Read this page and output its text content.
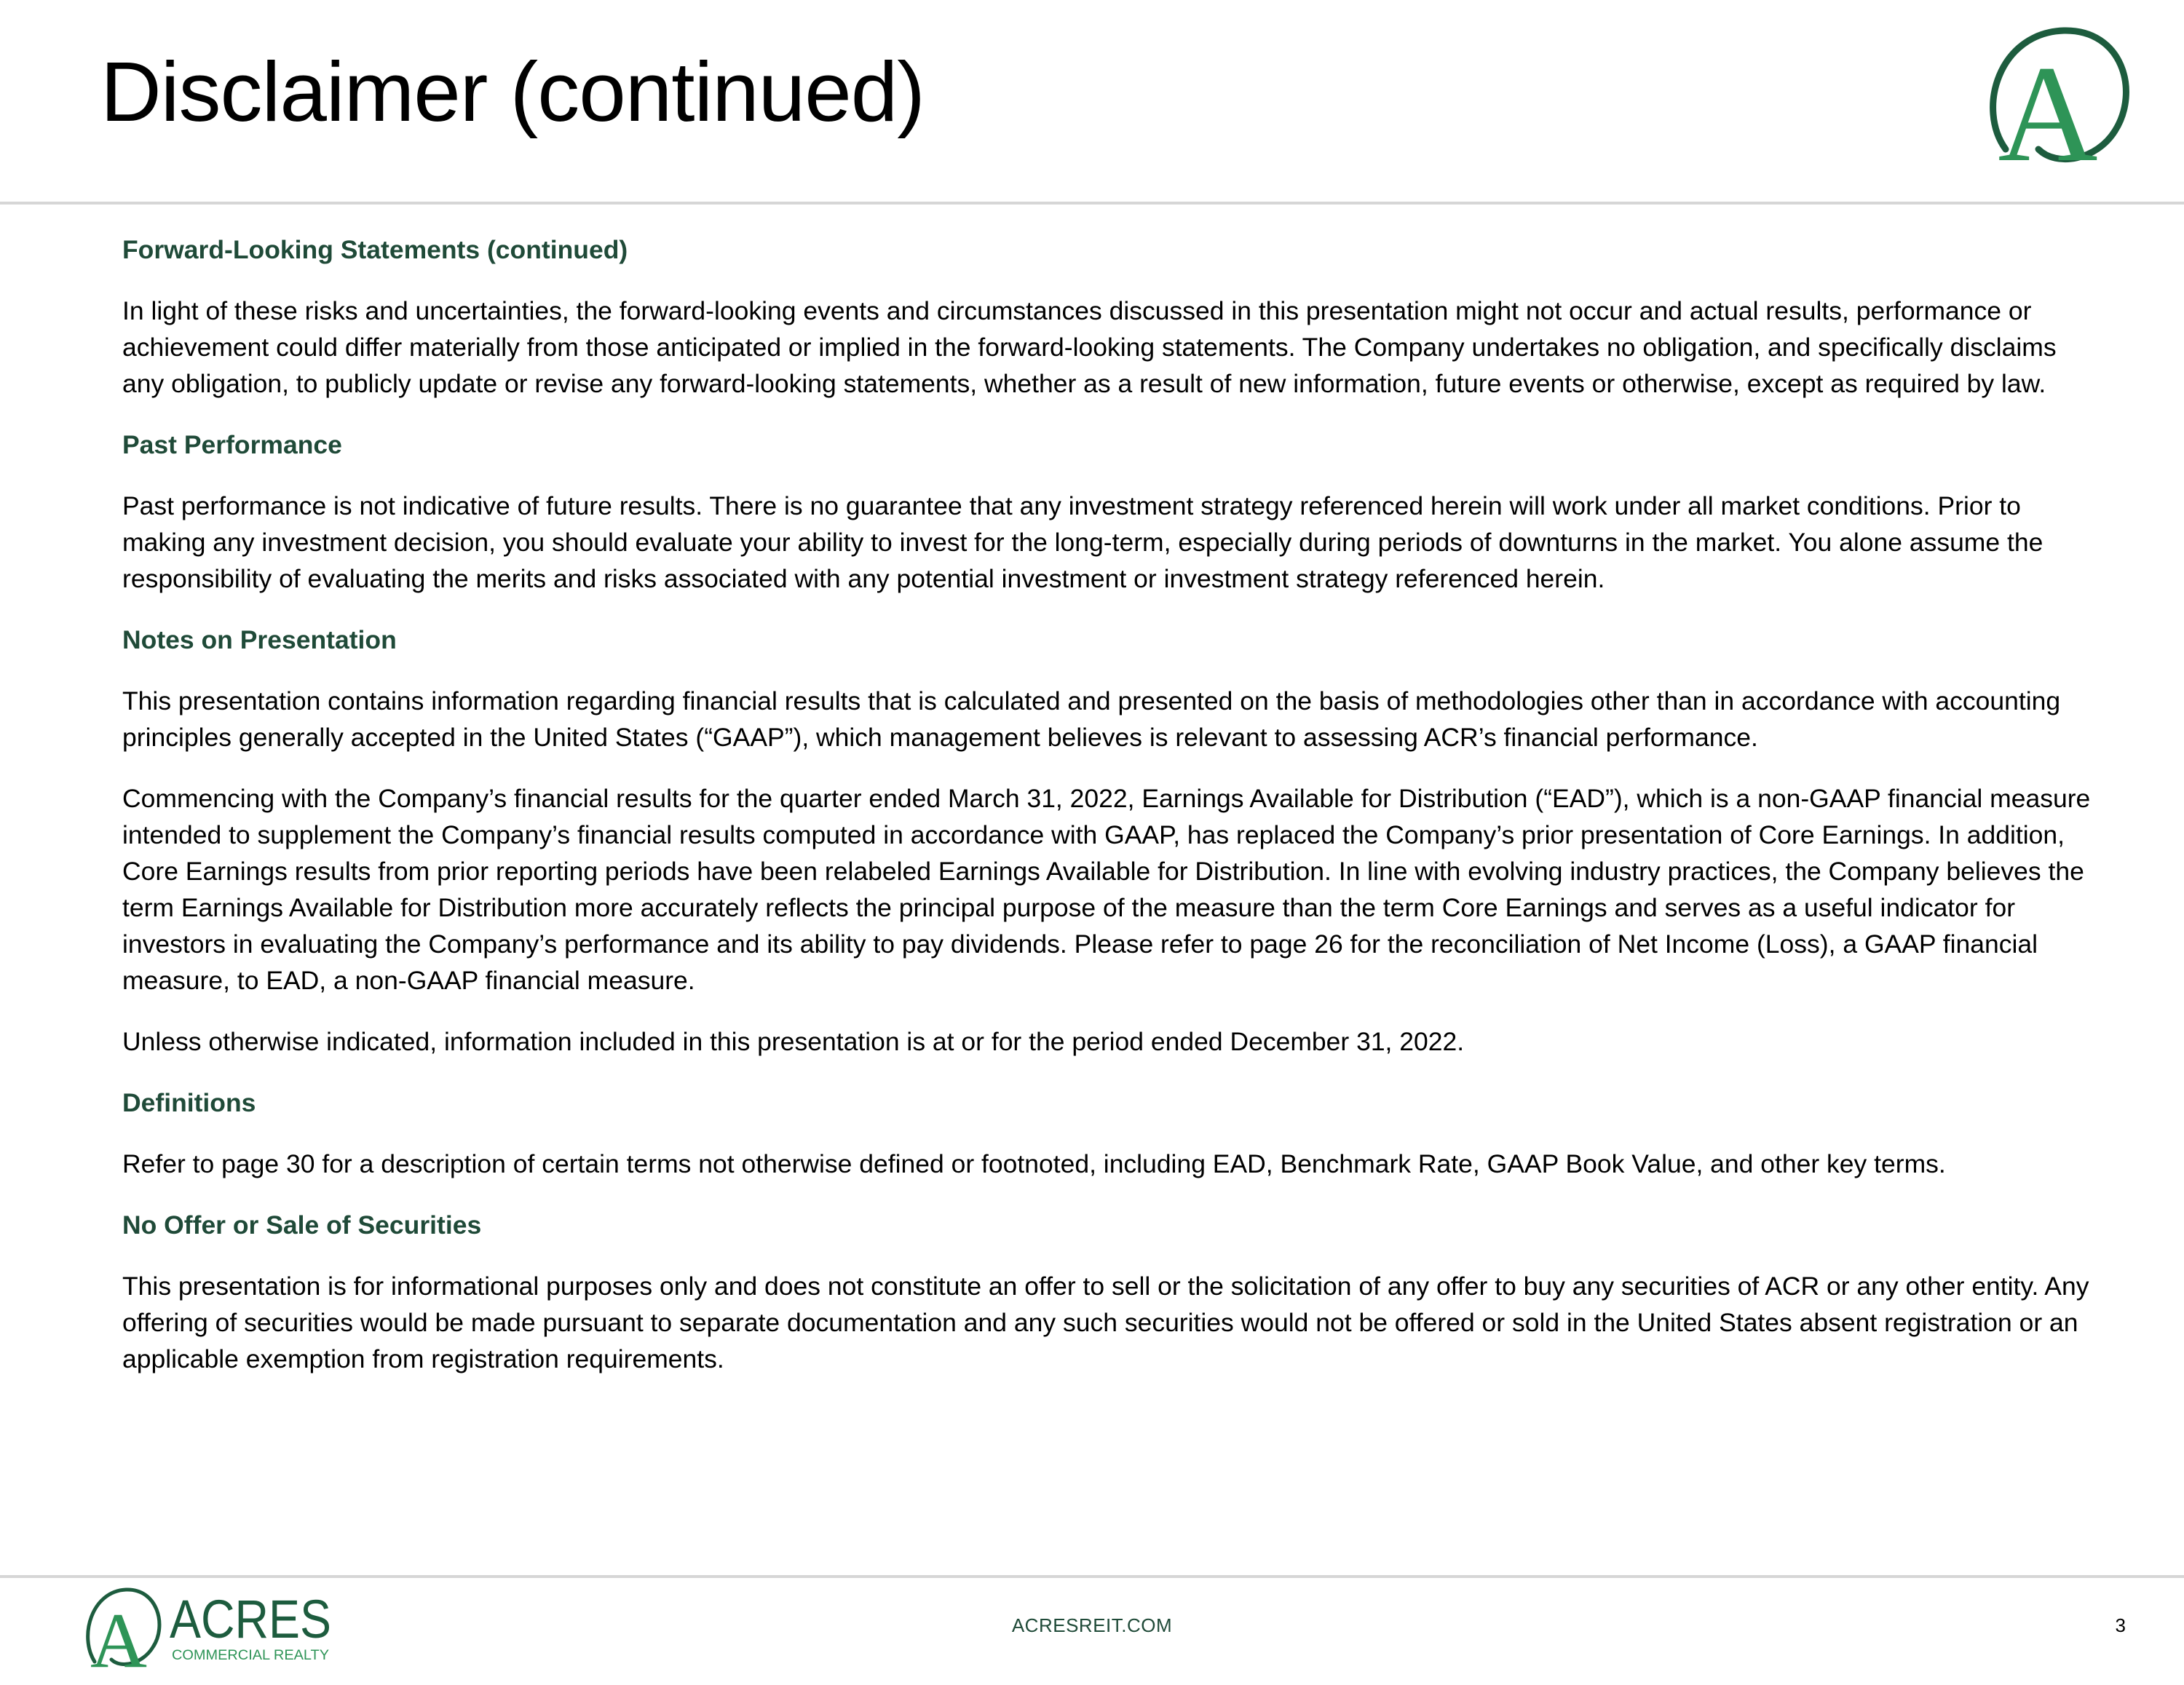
Disclaimer (continued)	A
Forward-Looking Statements (continued)

In light of these risks and uncertainties, the forward-looking events and circumstances discussed in this presentation might not occur and actual results, performance or achievement could differ materially from those anticipated or implied in the forward-looking statements. The Company undertakes no obligation, and specifically disclaims any obligation, to publicly update or revise any forward-looking statements, whether as a result of new information, future events or otherwise, except as required by law.

Past Performance

Past performance is not indicative of future results. There is no guarantee that any investment strategy referenced herein will work under all market conditions. Prior to making any investment decision, you should evaluate your ability to invest for the long-term, especially during periods of downturns in the market. You alone assume the responsibility of evaluating the merits and risks associated with any potential investment or investment strategy referenced herein.

Notes on Presentation

This presentation contains information regarding financial results that is calculated and presented on the basis of methodologies other than in accordance with accounting principles generally accepted in the United States (“GAAP”), which management believes is relevant to assessing ACR’s financial performance.

Commencing with the Company’s financial results for the quarter ended March 31, 2022, Earnings Available for Distribution (“EAD”), which is a non-GAAP financial measure intended to supplement the Company’s financial results computed in accordance with GAAP, has replaced the Company’s prior presentation of Core Earnings. In addition, Core Earnings results from prior reporting periods have been relabeled Earnings Available for Distribution. In line with evolving industry practices, the Company believes the term Earnings Available for Distribution more accurately reflects the principal purpose of the measure than the term Core Earnings and serves as a useful indicator for investors in evaluating the Company’s performance and its ability to pay dividends. Please refer to page 26 for the reconciliation of Net Income (Loss), a GAAP financial measure, to EAD, a non-GAAP financial measure.

Unless otherwise indicated, information included in this presentation is at or for the period ended December 31, 2022.

Definitions

Refer to page 30 for a description of certain terms not otherwise defined or footnoted, including EAD, Benchmark Rate, GAAP Book Value, and other key terms.

No Offer or Sale of Securities

This presentation is for informational purposes only and does not constitute an offer to sell or the solicitation of any offer to buy any securities of ACR or any other entity. Any offering of securities would be made pursuant to separate documentation and any such securities would not be offered or sold in the United States absent registration or an applicable exemption from registration requirements.

A ACRES
COMMERCIAL REALTY
ACRESREIT.COM	3
